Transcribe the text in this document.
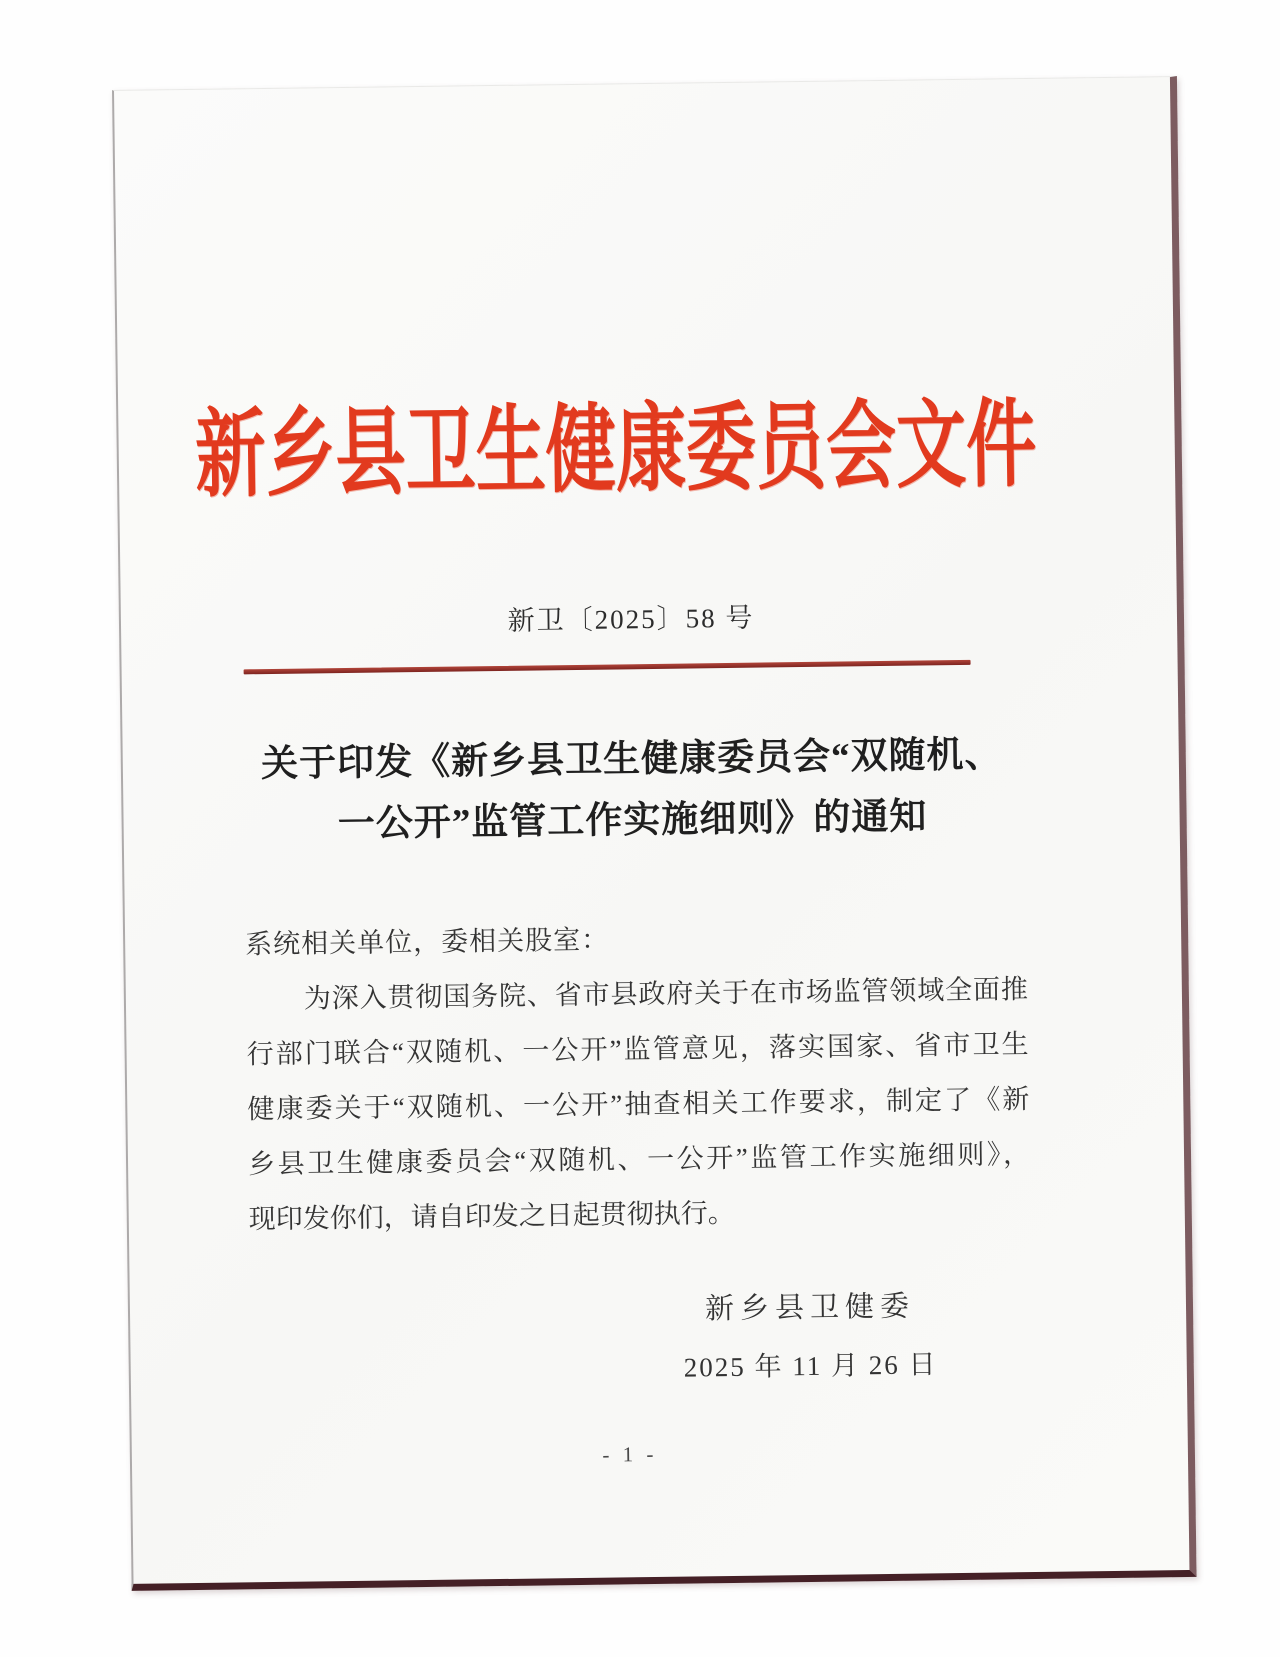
新乡县卫生健康委员会文件
新卫〔2025〕58 号
关于印发《新乡县卫生健康委员会“双随机、
一公开”监管工作实施细则》的通知
系统相关单位，委相关股室：
为深入贯彻国务院、省市县政府关于在市场监管领域全面推
行部门联合“双随机、一公开”监管意见，落实国家、省市卫生
健康委关于“双随机、一公开”抽查相关工作要求，制定了《新
乡县卫生健康委员会“双随机、一公开”监管工作实施细则》，
现印发你们，请自印发之日起贯彻执行。
新乡县卫健委
2025 年 11 月 26 日
- 1 -
